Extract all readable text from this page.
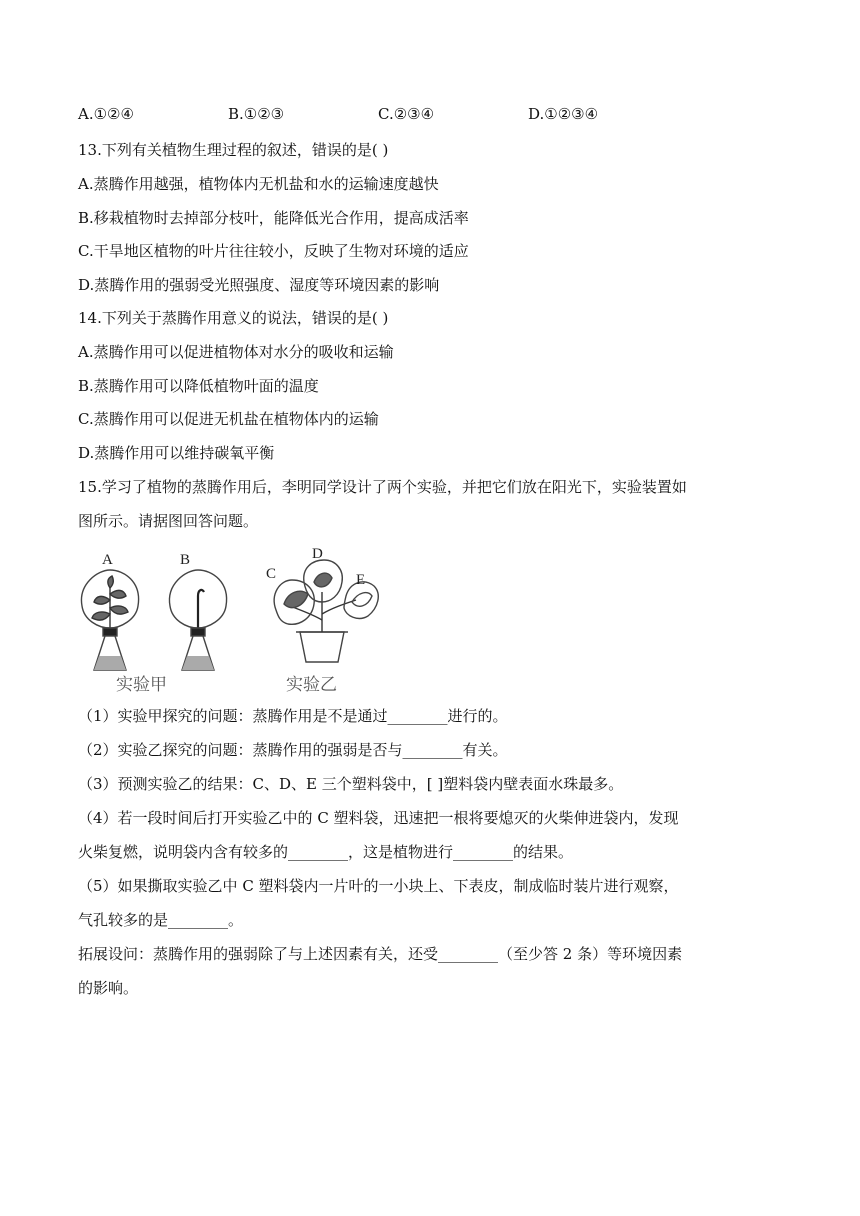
A.①②④	B.①②③	C.②③④	D.①②③④
13.下列有关植物生理过程的叙述，错误的是( )
A.蒸腾作用越强，植物体内无机盐和水的运输速度越快
B.移栽植物时去掉部分枝叶，能降低光合作用，提高成活率
C.干旱地区植物的叶片往往较小，反映了生物对环境的适应
D.蒸腾作用的强弱受光照强度、湿度等环境因素的影响
14.下列关于蒸腾作用意义的说法，错误的是( )
A.蒸腾作用可以促进植物体对水分的吸收和运输
B.蒸腾作用可以降低植物叶面的温度
C.蒸腾作用可以促进无机盐在植物体内的运输
D.蒸腾作用可以维持碳氧平衡
15.学习了植物的蒸腾作用后，李明同学设计了两个实验，并把它们放在阳光下，实验装置如
图所示。请据图回答问题。
A	B
C
D
E
实验甲	实验乙
（1）实验甲探究的问题：蒸腾作用是不是通过________进行的。
（2）实验乙探究的问题：蒸腾作用的强弱是否与________有关。
（3）预测实验乙的结果：C、D、E 三个塑料袋中，[ ]塑料袋内壁表面水珠最多。
（4）若一段时间后打开实验乙中的 C 塑料袋，迅速把一根将要熄灭的火柴伸进袋内，发现
火柴复燃，说明袋内含有较多的________，这是植物进行________的结果。
（5）如果撕取实验乙中 C 塑料袋内一片叶的一小块上、下表皮，制成临时装片进行观察，
气孔较多的是________。
拓展设问：蒸腾作用的强弱除了与上述因素有关，还受________（至少答 2 条）等环境因素
的影响。
